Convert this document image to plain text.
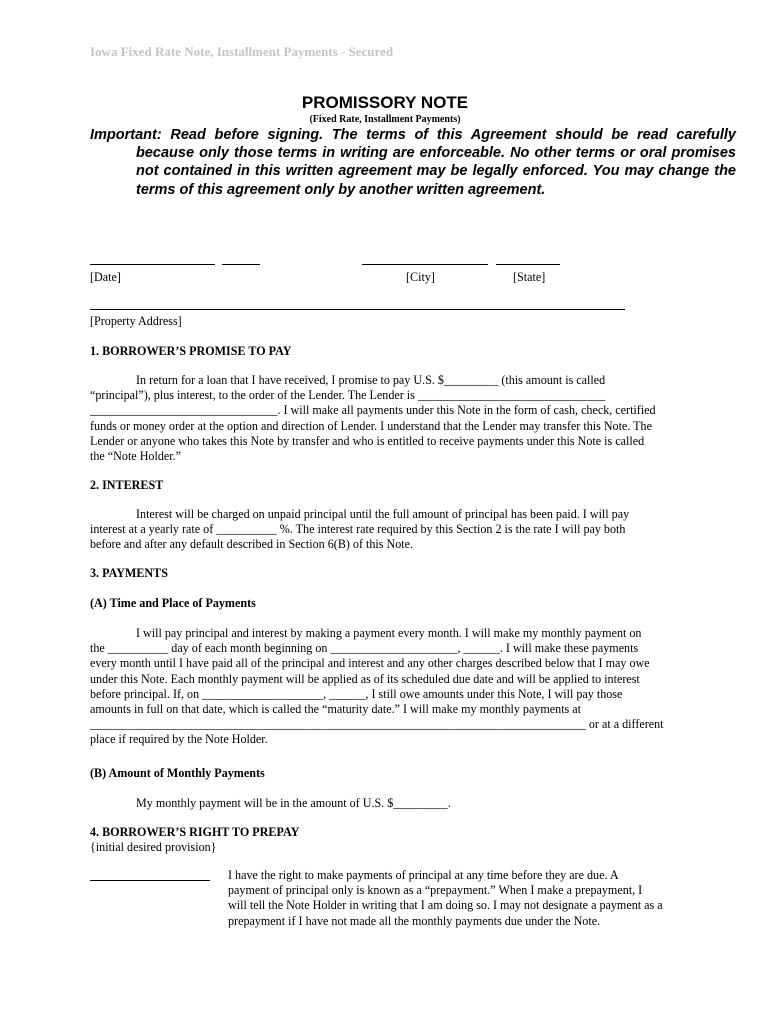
Iowa Fixed Rate Note, Installment Payments - Secured
PROMISSORY NOTE
(Fixed Rate, Installment Payments)
Important: Read before signing. The terms of this Agreement should be read carefully because only those terms in writing are enforceable. No other terms or oral promises not contained in this written agreement may be legally enforced. You may change the terms of this agreement only by another written agreement.
[Date]	[City]	[State]
[Property Address]
1. BORROWER’S PROMISE TO PAY
In return for a loan that I have received, I promise to pay U.S. $_________ (this amount is called
“principal”), plus interest, to the order of the Lender. The Lender is _______________________________
_______________________________. I will make all payments under this Note in the form of cash, check, certified
funds or money order at the option and direction of Lender. I understand that the Lender may transfer this Note. The
Lender or anyone who takes this Note by transfer and who is entitled to receive payments under this Note is called
the “Note Holder.”
2. INTEREST
Interest will be charged on unpaid principal until the full amount of principal has been paid. I will pay
interest at a yearly rate of __________ %. The interest rate required by this Section 2 is the rate I will pay both
before and after any default described in Section 6(B) of this Note.
3. PAYMENTS
(A) Time and Place of Payments
I will pay principal and interest by making a payment every month. I will make my monthly payment on
the __________ day of each month beginning on _____________________, ______. I will make these payments
every month until I have paid all of the principal and interest and any other charges described below that I may owe
under this Note. Each monthly payment will be applied as of its scheduled due date and will be applied to interest
before principal. If, on ____________________, ______, I still owe amounts under this Note, I will pay those
amounts in full on that date, which is called the “maturity date.” I will make my monthly payments at
__________________________________________________________________________________ or at a different
place if required by the Note Holder.
(B) Amount of Monthly Payments
My monthly payment will be in the amount of U.S. $_________.
4. BORROWER’S RIGHT TO PREPAY
{initial desired provision}
I have the right to make payments of principal at any time before they are due. A
payment of principal only is known as a “prepayment.” When I make a prepayment, I
will tell the Note Holder in writing that I am doing so. I may not designate a payment as a
prepayment if I have not made all the monthly payments due under the Note.
